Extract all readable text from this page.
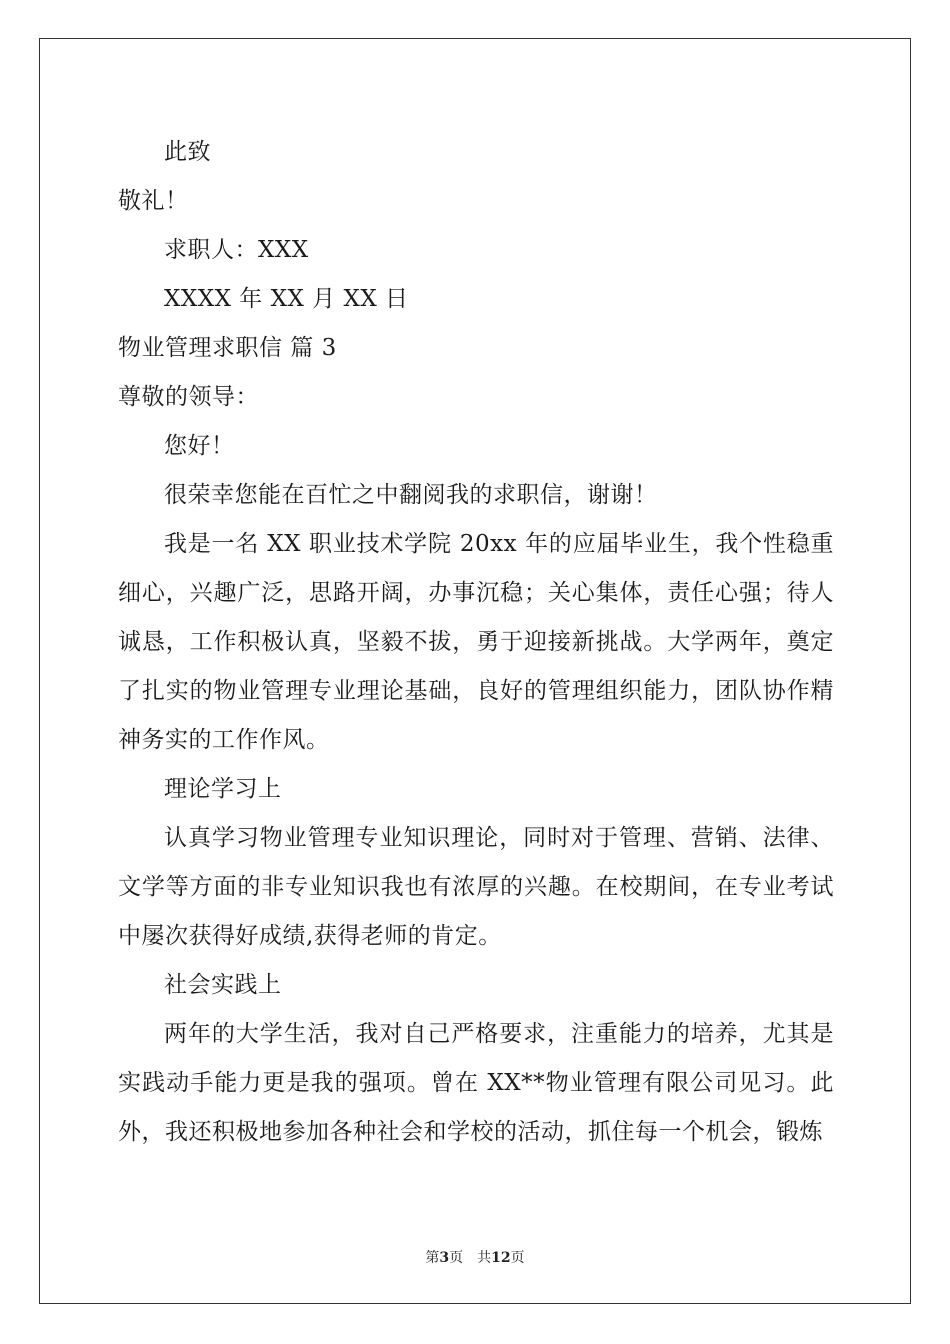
此致
敬礼！
求职人：XXX
XXXX 年 XX 月 XX 日
物业管理求职信 篇 3
尊敬的领导：
您好！
很荣幸您能在百忙之中翻阅我的求职信，谢谢！

我是一名 XX 职业技术学院 20xx 年的应届毕业生，我个性稳重细心，兴趣广泛，思路开阔，办事沉稳；关心集体，责任心强；待人诚恳，工作积极认真，坚毅不拔，勇于迎接新挑战。大学两年，奠定了扎实的物业管理专业理论基础，良好的管理组织能力，团队协作精神务实的工作作风。

理论学习上

认真学习物业管理专业知识理论，同时对于管理、营销、法律、文学等方面的非专业知识我也有浓厚的兴趣。在校期间，在专业考试中屡次获得好成绩,获得老师的肯定。

社会实践上

两年的大学生活，我对自己严格要求，注重能力的培养，尤其是实践动手能力更是我的强项。曾在 XX**物业管理有限公司见习。此外，我还积极地参加各种社会和学校的活动，抓住每一个机会，锻炼

第3页 共12页
